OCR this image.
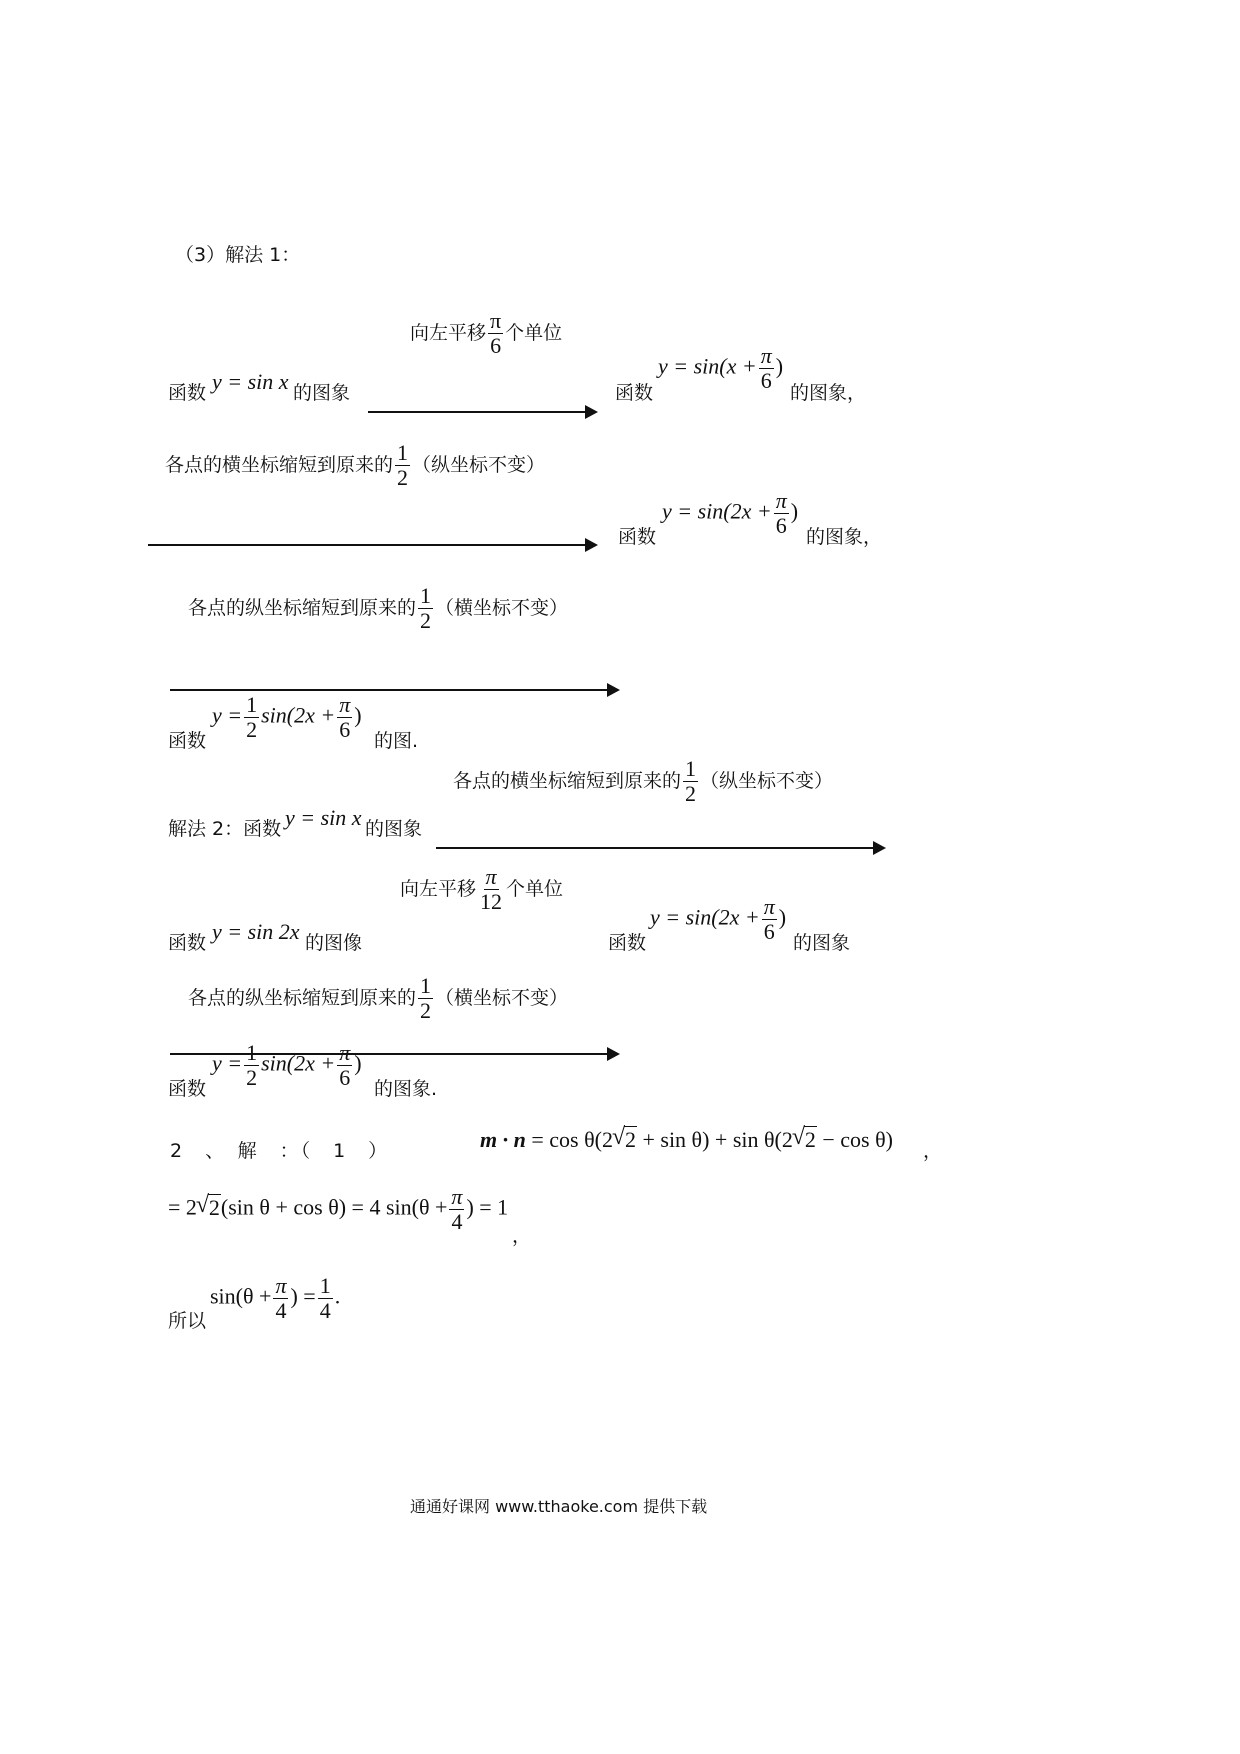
（3）解法 1：
向左平移 $\frac{\pi}{6}$ 个单位
函数 y = sin x 的图象	函数
$y = \sin(x + \frac{\pi}{6}$ )
的图象，
各点的横坐标缩短到原来的 $\frac{1}{2}$ （纵坐标不变）
函数
$y = \sin(2x + \frac{\pi}{6}$ )
的图象，
各点的纵坐标缩短到原来的 $\frac{1}{2}$ （横坐标不变）
函数
$y = \frac{1}{2} \sin(2x + \frac{\pi}{6}$ )
的图.
各点的横坐标缩短到原来的 $\frac{1}{2}$ （纵坐标不变）
解法 2：函数 y = sin x 的图象
向左平移 $\frac{\pi}{12}$ 个单位
函数 y = sin 2x 的图像	函数
$y = \sin(2x + \frac{\pi}{6}$ )
的图象
各点的纵坐标缩短到原来的 $\frac{1}{2}$ （横坐标不变）
函数
$y = \frac{1}{2} \sin(2x + \frac{\pi}{6}$ )
的图象.
2　、　解　：（　1　）	m · n = cos θ(2 √ 2 + sin θ) + sin θ(2 √ 2 − cos θ) ，
= 2 √ 2(sin θ + cos θ) = 4 $\sin(\theta + \frac{\pi}{4}$ ) = 1
，
所以
$\sin(\theta + \frac{\pi}{4}$ ) = $\frac{1}{4}$ .
通通好课网 www.tthaoke.com 提供下载
